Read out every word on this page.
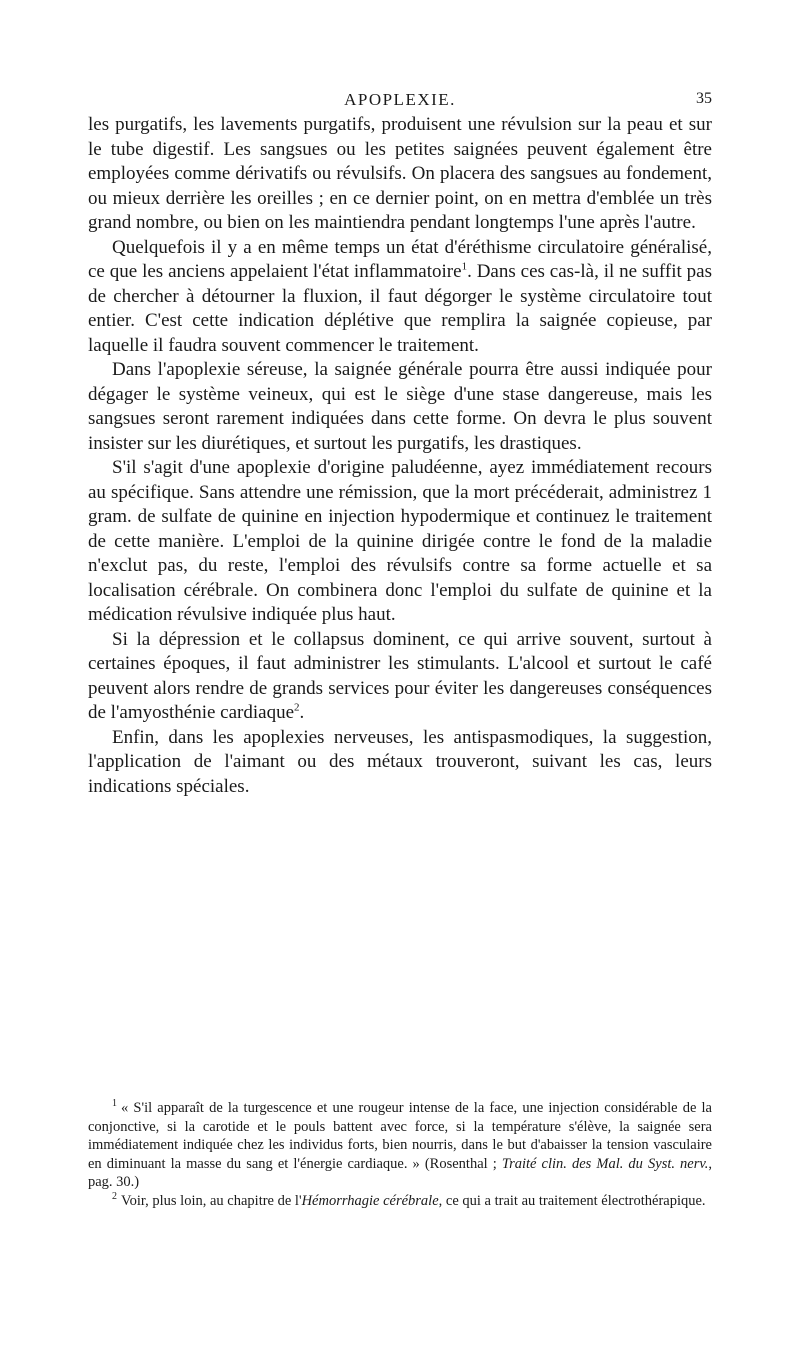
APOPLEXIE.	35

les purgatifs, les lavements purgatifs, produisent une révulsion sur la peau et sur le tube digestif. Les sangsues ou les petites saignées peuvent également être employées comme dérivatifs ou révulsifs. On placera des sangsues au fondement, ou mieux derrière les oreilles ; en ce dernier point, on en mettra d'emblée un très grand nombre, ou bien on les maintiendra pendant longtemps l'une après l'autre.

Quelquefois il y a en même temps un état d'éréthisme circulatoire généralisé, ce que les anciens appelaient l'état inflammatoire$^1$. Dans ces cas-là, il ne suffit pas de chercher à détourner la fluxion, il faut dégorger le système circulatoire tout entier. C'est cette indication déplétive que remplira la saignée copieuse, par laquelle il faudra souvent commencer le traitement.

Dans l'apoplexie séreuse, la saignée générale pourra être aussi indiquée pour dégager le système veineux, qui est le siège d'une stase dangereuse, mais les sangsues seront rarement indiquées dans cette forme. On devra le plus souvent insister sur les diurétiques, et surtout les purgatifs, les drastiques.

S'il s'agit d'une apoplexie d'origine paludéenne, ayez immédiatement recours au spécifique. Sans attendre une rémission, que la mort précéderait, administrez 1 gram. de sulfate de quinine en injection hypodermique et continuez le traitement de cette manière. L'emploi de la quinine dirigée contre le fond de la maladie n'exclut pas, du reste, l'emploi des révulsifs contre sa forme actuelle et sa localisation cérébrale. On combinera donc l'emploi du sulfate de quinine et la médication révulsive indiquée plus haut.

Si la dépression et le collapsus dominent, ce qui arrive souvent, surtout à certaines époques, il faut administrer les stimulants. L'alcool et surtout le café peuvent alors rendre de grands services pour éviter les dangereuses conséquences de l'amyosthénie cardiaque$^2$.

Enfin, dans les apoplexies nerveuses, les antispasmodiques, la suggestion, l'application de l'aimant ou des métaux trouveront, suivant les cas, leurs indications spéciales.

$^1$ « S'il apparaît de la turgescence et une rougeur intense de la face, une injection considérable de la conjonctive, si la carotide et le pouls battent avec force, si la température s'élève, la saignée sera immédiatement indiquée chez les individus forts, bien nourris, dans le but d'abaisser la tension vasculaire en diminuant la masse du sang et l'énergie cardiaque. » (Rosenthal ; Traité clin. des Mal. du Syst. nerv., pag. 30.)

$^2$ Voir, plus loin, au chapitre de l'Hémorrhagie cérébrale, ce qui a trait au traitement électrothérapique.
